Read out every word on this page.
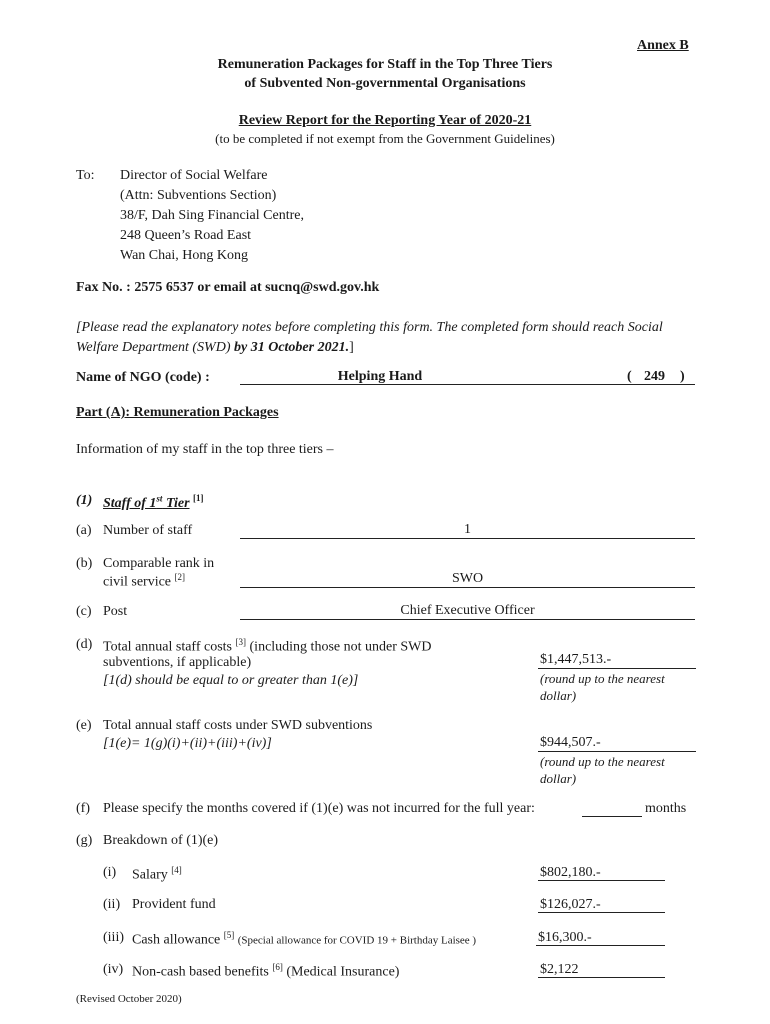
Annex B
Remuneration Packages for Staff in the Top Three Tiers
of Subvented Non-governmental Organisations
Review Report for the Reporting Year of 2020-21
(to be completed if not exempt from the Government Guidelines)
To: Director of Social Welfare
(Attn: Subventions Section)
38/F, Dah Sing Financial Centre,
248 Queen’s Road East
Wan Chai, Hong Kong
Fax No. : 2575 6537 or email at sucnq@swd.gov.hk
[Please read the explanatory notes before completing this form. The completed form should reach Social Welfare Department (SWD) by 31 October 2021.]
Name of NGO (code) :	Helping Hand	( 249 )
Part (A): Remuneration Packages
Information of my staff in the top three tiers –
(1) Staff of 1st Tier [1]
(a) Number of staff	1
(b) Comparable rank in
civil service [2]	SWO
(c) Post	Chief Executive Officer
(d) Total annual staff costs [3] (including those not under SWD
subventions, if applicable)
[1(d) should be equal to or greater than 1(e)]
$1,447,513.-
(round up to the nearest
dollar)
(e) Total annual staff costs under SWD subventions
[1(e)= 1(g)(i)+(ii)+(iii)+(iv)]	$944,507.-
(round up to the nearest
dollar)
(f) Please specify the months covered if (1)(e) was not incurred for the full year:	months
(g) Breakdown of (1)(e)
(i) Salary [4]	$802,180.-
(ii) Provident fund	$126,027.-
(iii) Cash allowance [5] (Special allowance for COVID 19 + Birthday Laisee )	$16,300.-
(iv) Non-cash based benefits [6] (Medical Insurance)	$2,122
(Revised October 2020)
